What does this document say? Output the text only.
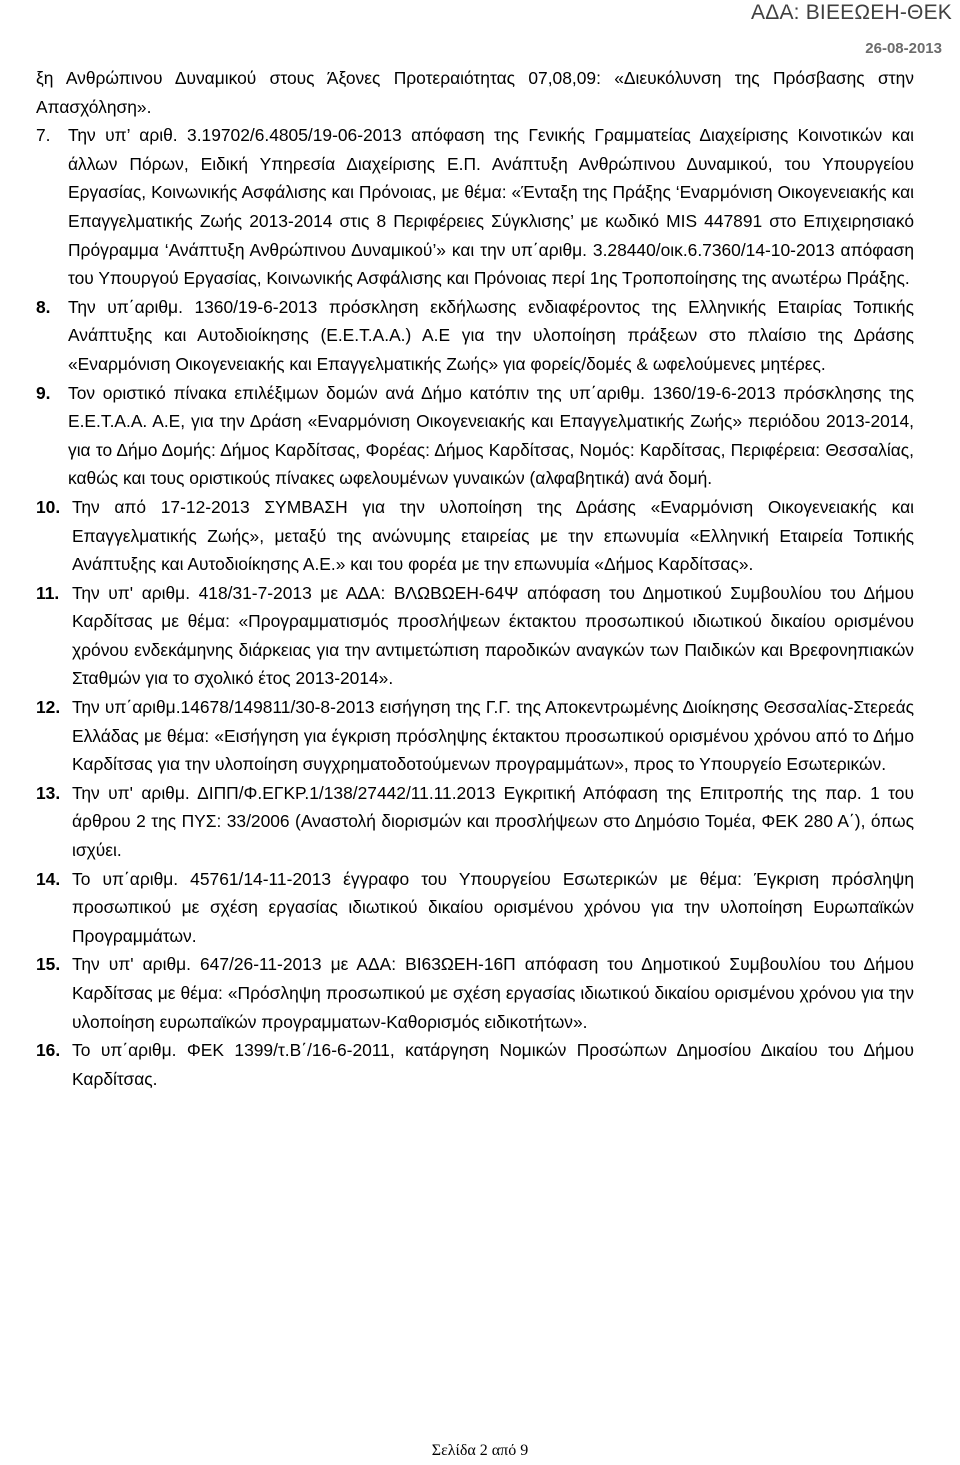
ΑΔΑ: ΒΙΕΕΩΕΗ-ΘΕΚ
26-08-2013

ξη Ανθρώπινου Δυναμικού στους Άξονες Προτεραιότητας 07,08,09: «Διευκόλυνση της Πρόσβασης στην Απασχόληση».

7.	Την υπ’ αριθ. 3.19702/6.4805/19-06-2013 απόφαση της Γενικής Γραμματείας Διαχείρισης Κοινοτικών και άλλων Πόρων, Ειδική Υπηρεσία Διαχείρισης Ε.Π. Ανάπτυξη Ανθρώπινου Δυναμικού, του Υπουργείου Εργασίας, Κοινωνικής Ασφάλισης και Πρόνοιας, με θέμα: «Ένταξη της Πράξης ‘Εναρμόνιση Οικογενειακής και Επαγγελματικής Ζωής 2013-2014 στις 8 Περιφέρειες Σύγκλισης’ με κωδικό MIS 447891 στο Επιχειρησιακό Πρόγραμμα ‘Ανάπτυξη Ανθρώπινου Δυναμικού’» και την υπ΄αριθμ. 3.28440/οικ.6.7360/14-10-2013 απόφαση του Υπουργού Εργασίας, Κοινωνικής Ασφάλισης και Πρόνοιας περί 1ης Τροποποίησης της ανωτέρω Πράξης.
8.	Την υπ΄αριθμ. 1360/19-6-2013 πρόσκληση εκδήλωσης ενδιαφέροντος της Ελληνικής Εταιρίας Τοπικής Ανάπτυξης και Αυτοδιοίκησης (Ε.Ε.Τ.Α.Α.) Α.Ε για την υλοποίηση πράξεων στο πλαίσιο της Δράσης «Εναρμόνιση Οικογενειακής και Επαγγελματικής Ζωής» για φορείς/δομές & ωφελούμενες μητέρες.
9.	Τον οριστικό πίνακα επιλέξιμων δομών ανά Δήμο κατόπιν της υπ΄αριθμ. 1360/19-6-2013 πρόσκλησης της Ε.Ε.Τ.Α.Α. Α.Ε, για την Δράση «Εναρμόνιση Οικογενειακής και Επαγγελματικής Ζωής» περιόδου 2013-2014, για το Δήμο Δομής: Δήμος Καρδίτσας, Φορέας: Δήμος Καρδίτσας, Νομός: Καρδίτσας, Περιφέρεια: Θεσσαλίας, καθώς και τους οριστικούς πίνακες ωφελουμένων γυναικών (αλφαβητικά) ανά δομή.
10. Την από 17-12-2013 ΣΥΜΒΑΣΗ για την υλοποίηση της Δράσης «Εναρμόνιση Οικογενειακής και Επαγγελματικής Ζωής», μεταξύ της ανώνυμης εταιρείας με την επωνυμία «Ελληνική Εταιρεία Τοπικής Ανάπτυξης και Αυτοδιοίκησης Α.Ε.» και του φορέα με την επωνυμία «Δήμος Καρδίτσας».
11. Την υπ' αριθμ. 418/31-7-2013 με ΑΔΑ: ΒΛΩΒΩΕΗ-64Ψ απόφαση του Δημοτικού Συμβουλίου του Δήμου Καρδίτσας με θέμα: «Προγραμματισμός προσλήψεων έκτακτου προσωπικού ιδιωτικού δικαίου ορισμένου χρόνου ενδεκάμηνης διάρκειας για την αντιμετώπιση παροδικών αναγκών των Παιδικών και Βρεφονηπιακών Σταθμών για το σχολικό έτος 2013-2014».
12. Την υπ΄αριθμ.14678/149811/30-8-2013 εισήγηση της Γ.Γ. της Αποκεντρωμένης Διοίκησης Θεσσαλίας-Στερεάς Ελλάδας με θέμα: «Εισήγηση για έγκριση πρόσληψης έκτακτου προσωπικού ορισμένου χρόνου από το Δήμο Καρδίτσας για την υλοποίηση συγχρηματοδοτούμενων προγραμμάτων», προς το Υπουργείο Εσωτερικών.
13. Την υπ' αριθμ. ΔΙΠΠ/Φ.ΕΓΚΡ.1/138/27442/11.11.2013 Εγκριτική Απόφαση της Επιτροπής της παρ. 1 του άρθρου 2 της ΠΥΣ: 33/2006 (Αναστολή διορισμών και προσλήψεων στο Δημόσιο Τομέα, ΦΕΚ 280 Α΄), όπως ισχύει.
14. Το υπ΄αριθμ. 45761/14-11-2013 έγγραφο του Υπουργείου Εσωτερικών με θέμα: Έγκριση πρόσληψη προσωπικού με σχέση εργασίας ιδιωτικού δικαίου ορισμένου χρόνου για την υλοποίηση Ευρωπαϊκών Προγραμμάτων.
15. Την υπ' αριθμ. 647/26-11-2013 με ΑΔΑ: ΒΙ63ΩΕΗ-16Π απόφαση του Δημοτικού Συμβουλίου του Δήμου Καρδίτσας με θέμα: «Πρόσληψη προσωπικού με σχέση εργασίας ιδιωτικού δικαίου ορισμένου χρόνου για την υλοποίηση ευρωπαϊκών προγραμματων-Καθορισμός ειδικοτήτων».
16. Το υπ΄αριθμ. ΦΕΚ 1399/τ.Β΄/16-6-2011, κατάργηση Νομικών Προσώπων Δημοσίου Δικαίου του Δήμου Καρδίτσας.
Σελίδα 2 από 9
